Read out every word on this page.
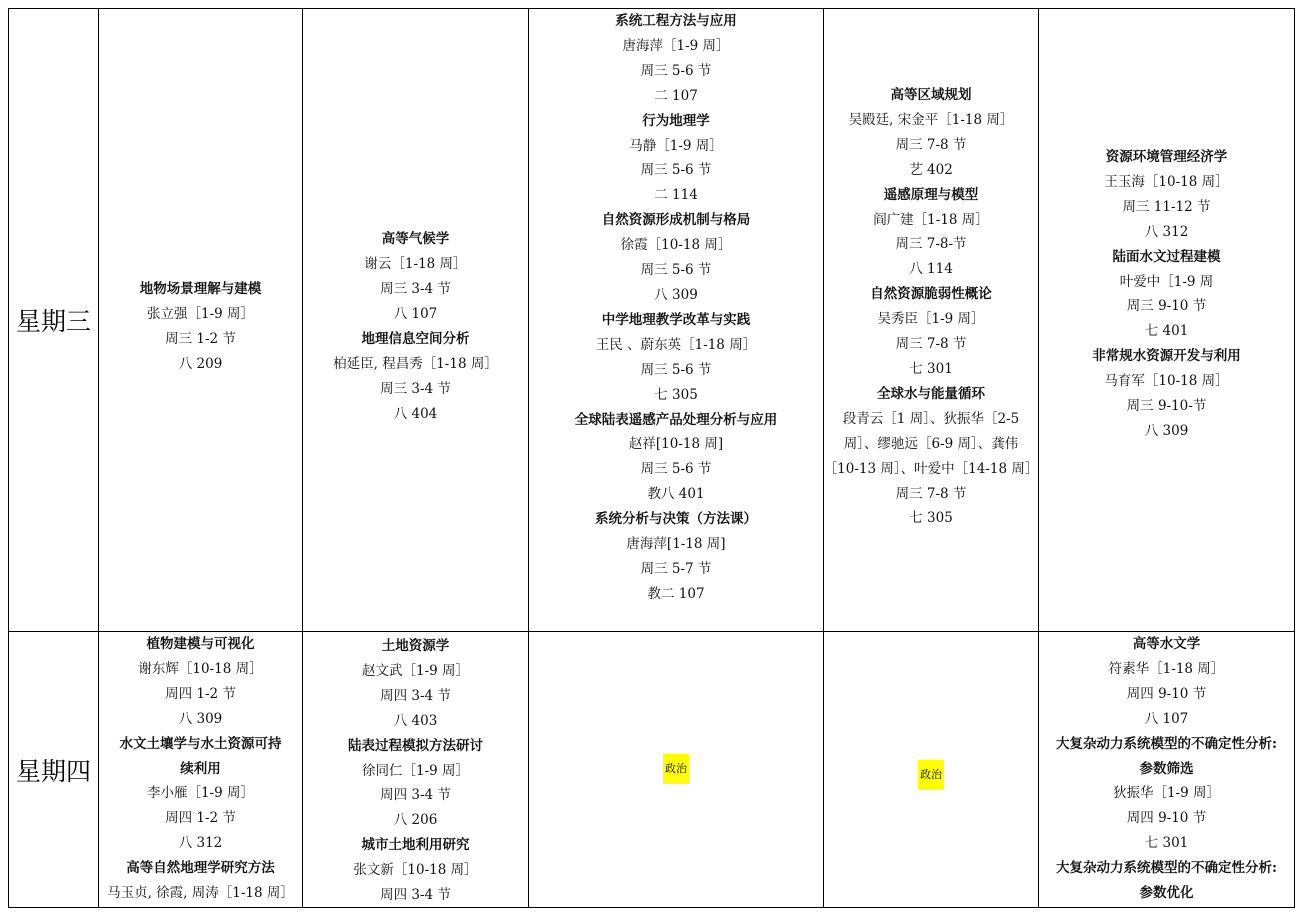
星期三
地物场景理解与建模
张立强［1-9 周］
周三 1-2 节
八 209
高等气候学
谢云［1-18 周］
周三 3-4 节
八 107
地理信息空间分析
柏延臣, 程昌秀［1-18 周］
周三 3-4 节
八 404
系统工程方法与应用
唐海萍［1-9 周］
周三 5-6 节
二 107
行为地理学
马静［1-9 周］
周三 5-6 节
二 114
自然资源形成机制与格局
徐霞［10-18 周］
周三 5-6 节
八 309
中学地理教学改革与实践
王民 、蔚东英［1-18 周］
周三 5-6 节
七 305
全球陆表遥感产品处理分析与应用
赵祥[10-18 周]
周三 5-6 节
教八 401
系统分析与决策（方法课）
唐海萍[1-18 周]
周三 5-7 节
教二 107
高等区域规划
吴殿廷, 宋金平［1-18 周］
周三 7-8 节
艺 402
遥感原理与模型
阎广建［1-18 周］
周三 7-8-节
八 114
自然资源脆弱性概论
吴秀臣［1-9 周］
周三 7-8 节
七 301
全球水与能量循环
段青云［1 周］、狄振华［2-5
周］、缪驰远［6-9 周］、龚伟
［10-13 周］、叶爱中［14-18 周］
周三 7-8 节
七 305
资源环境管理经济学
王玉海［10-18 周］
周三 11-12 节
八 312
陆面水文过程建模
叶爱中［1-9 周
周三 9-10 节
七 401
非常规水资源开发与利用
马育军［10-18 周］
周三 9-10-节
八 309
星期四
植物建模与可视化
谢东辉［10-18 周］
周四 1-2 节
八 309
水文土壤学与水土资源可持
续利用
李小雁［1-9 周］
周四 1-2 节
八 312
高等自然地理学研究方法
马玉贞, 徐霞, 周涛［1-18 周］
土地资源学
赵文武［1-9 周］
周四 3-4 节
八 403
陆表过程模拟方法研讨
徐同仁［1-9 周］
周四 3-4 节
八 206
城市土地利用研究
张文新［10-18 周］
周四 3-4 节
政治	政治
高等水文学
符素华［1-18 周］
周四 9-10 节
八 107
大复杂动力系统模型的不确定性分析:
参数筛选
狄振华［1-9 周］
周四 9-10 节
七 301
大复杂动力系统模型的不确定性分析:
参数优化
